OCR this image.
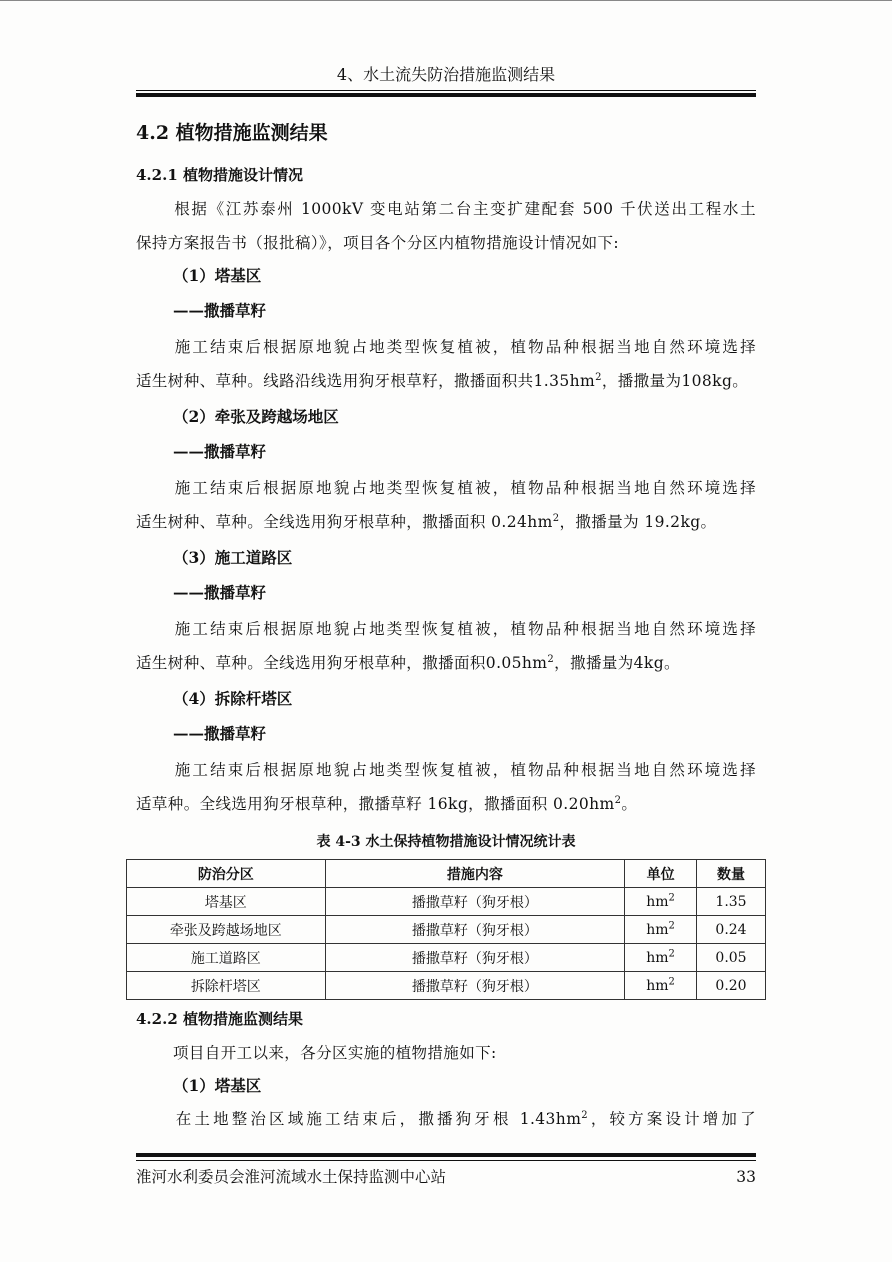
4、水土流失防治措施监测结果
4.2 植物措施监测结果
4.2.1 植物措施设计情况
根据《江苏泰州 1000kV 变电站第二台主变扩建配套 500 千伏送出工程水土
保持方案报告书（报批稿）》，项目各个分区内植物措施设计情况如下:
（1）塔基区
——撒播草籽
施工结束后根据原地貌占地类型恢复植被，植物品种根据当地自然环境选择
适生树种、草种。线路沿线选用狗牙根草籽，撒播面积共$1.35hm^2$，播撒量为108kg。
（2）牵张及跨越场地区
——撒播草籽
施工结束后根据原地貌占地类型恢复植被，植物品种根据当地自然环境选择
适生树种、草种。全线选用狗牙根草种，撒播面积 $0.24hm^2$，撒播量为 19.2kg。
（3）施工道路区
——撒播草籽
施工结束后根据原地貌占地类型恢复植被，植物品种根据当地自然环境选择
适生树种、草种。全线选用狗牙根草种，撒播面积$0.05hm^2$，撒播量为4kg。
（4）拆除杆塔区
——撒播草籽
施工结束后根据原地貌占地类型恢复植被，植物品种根据当地自然环境选择
适草种。全线选用狗牙根草种，撒播草籽 16kg，撒播面积 $0.20hm^2$。
表 4-3 水土保持植物措施设计情况统计表
防治分区	措施内容	单位	数量
塔基区	播撒草籽（狗牙根）	$hm^2$	1.35
牵张及跨越场地区	播撒草籽（狗牙根）	$hm^2$	0.24
施工道路区	播撒草籽（狗牙根）	$hm^2$	0.05
拆除杆塔区	播撒草籽（狗牙根）	$hm^2$	0.20
4.2.2 植物措施监测结果
项目自开工以来，各分区实施的植物措施如下:
（1）塔基区
在土地整治区域施工结束后，撒播狗牙根 $1.43hm^2$，较方案设计增加了
淮河水利委员会淮河流域水土保持监测中心站	33
